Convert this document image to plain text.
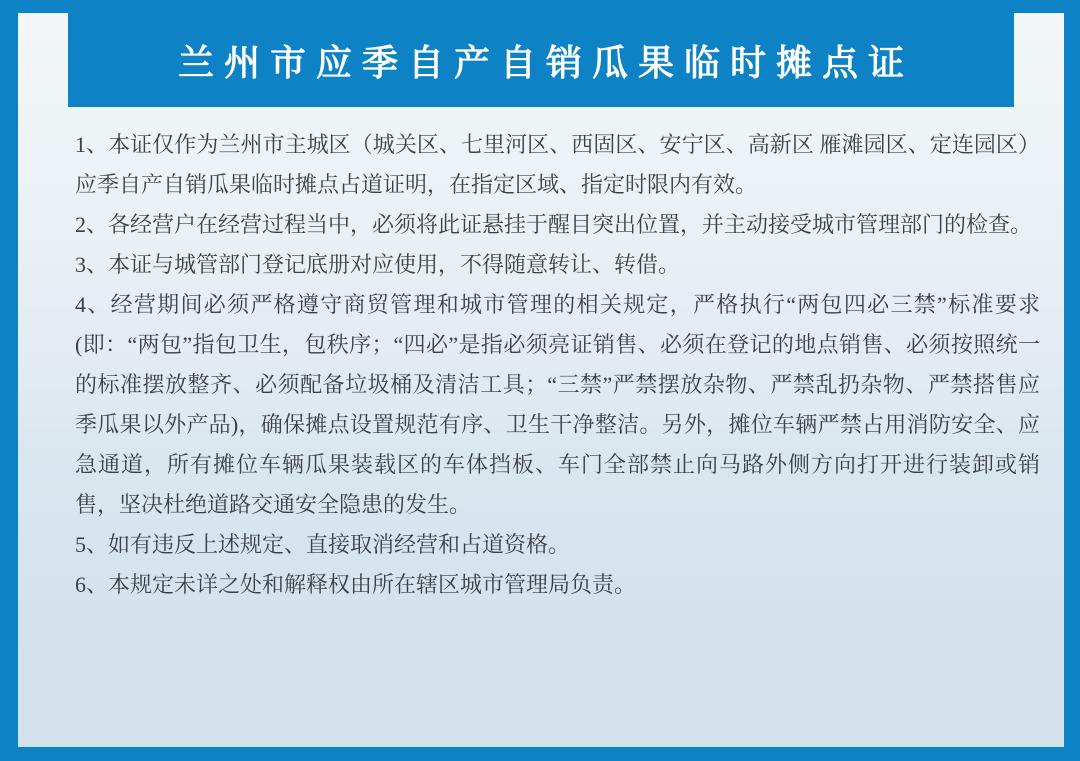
兰州市应季自产自销瓜果临时摊点证

1、本证仅作为兰州市主城区（城关区、七里河区、西固区、安宁区、高新区 雁滩园区、定连园区）应季自产自销瓜果临时摊点占道证明，在指定区域、指定时限内有效。

2、各经营户在经营过程当中，必须将此证悬挂于醒目突出位置，并主动接受城市管理部门的检查。

3、本证与城管部门登记底册对应使用，不得随意转让、转借。

4、经营期间必须严格遵守商贸管理和城市管理的相关规定，严格执行“两包四必三禁”标准要求(即：“两包”指包卫生，包秩序；“四必”是指必须亮证销售、必须在登记的地点销售、必须按照统一的标准摆放整齐、必须配备垃圾桶及清洁工具；“三禁”严禁摆放杂物、严禁乱扔杂物、严禁搭售应季瓜果以外产品)，确保摊点设置规范有序、卫生干净整洁。另外，摊位车辆严禁占用消防安全、应急通道，所有摊位车辆瓜果装载区的车体挡板、车门全部禁止向马路外侧方向打开进行装卸或销售，坚决杜绝道路交通安全隐患的发生。

5、如有违反上述规定、直接取消经营和占道资格。

6、本规定未详之处和解释权由所在辖区城市管理局负责。
